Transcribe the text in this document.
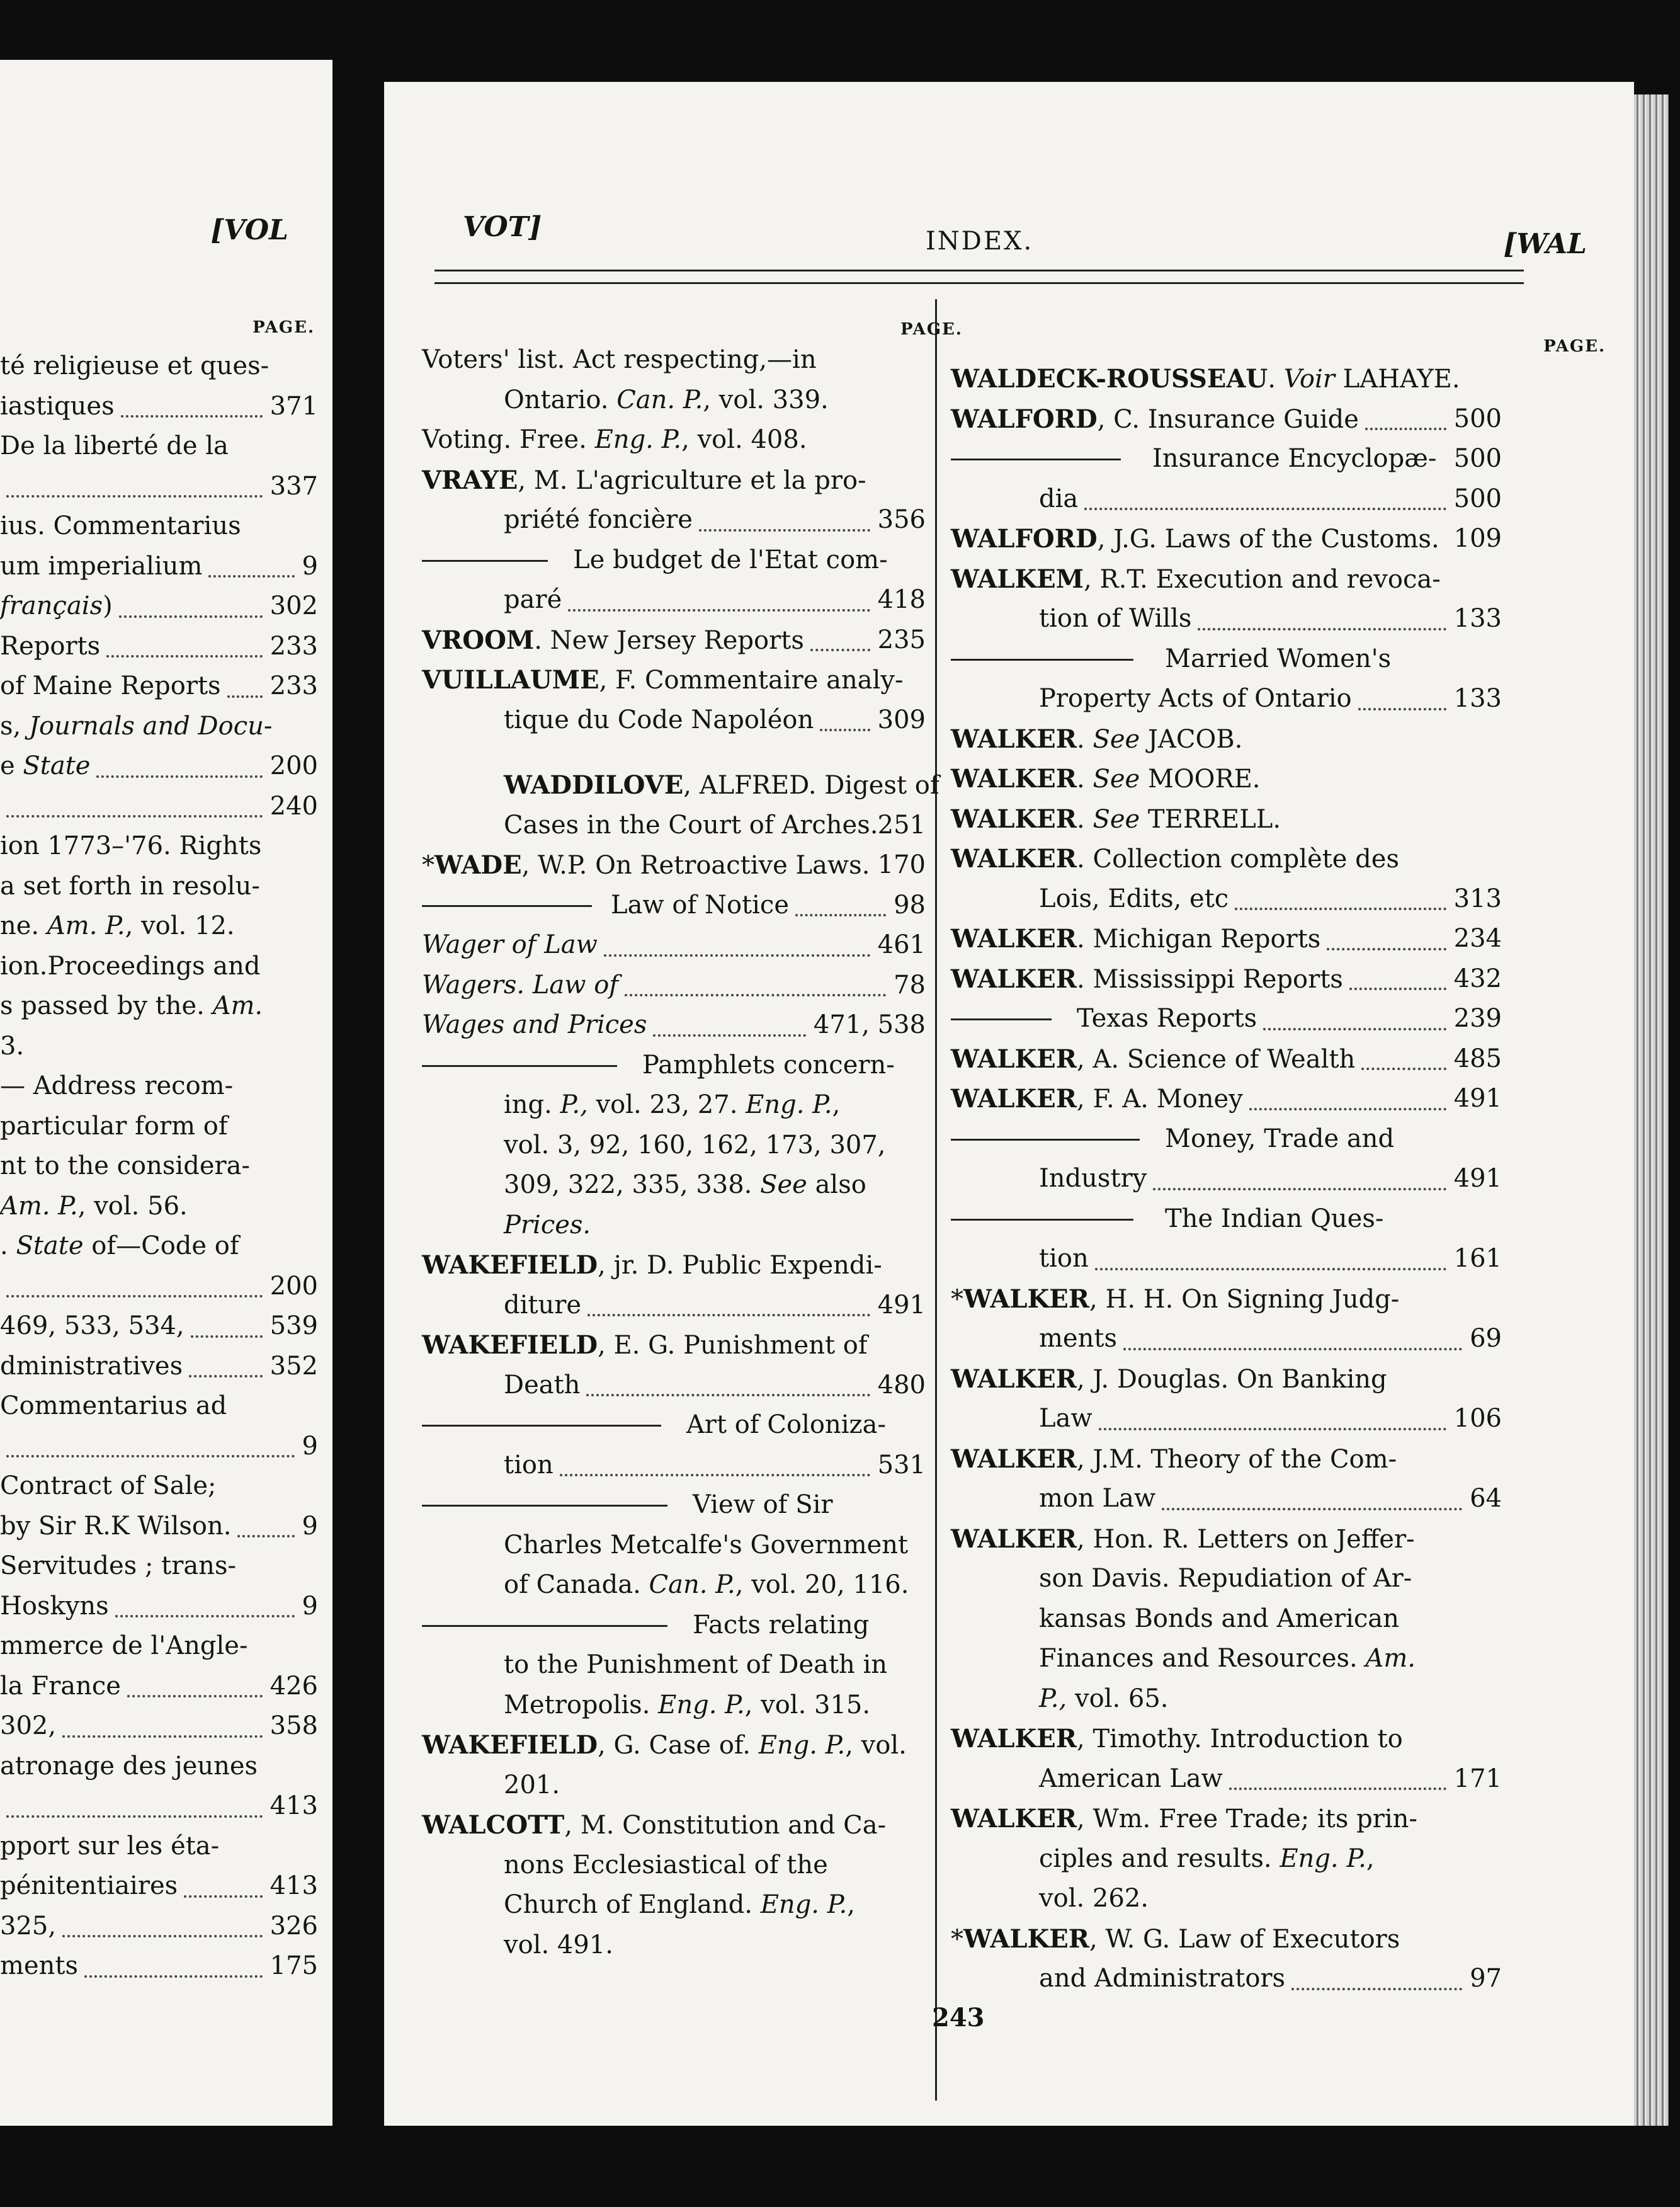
[VOL
PAGE.
té religieuse et ques-
iastiques	371
De la liberté de la
337
ius. Commentarius
um imperialium	9
français)	302
Reports	233
of Maine Reports 233
s, Journals and Docu-
e State	200
240
ion 1773–'76. Rights
a set forth in resolu-
ne. Am. P., vol. 12.
ion.Proceedings and
s passed by the. Am.
3.
— Address recom-
particular form of
nt to the considera-
Am. P., vol. 56.
. State of—Code of
200
469, 533, 534,	539
dministratives	352
Commentarius ad
9
Contract of Sale;
by Sir R.K Wilson.	9
Servitudes ; trans-
Hoskyns	9
mmerce de l'Angle-
la France	426
302,	358
atronage des jeunes
413
pport sur les éta-
pénitentiaires	413
325,	326
ments	175
VOT]	INDEX.	[WAL
PAGE.
PAGE.
Voters' list. Act respecting,—in
Ontario. Can. P., vol. 339.
Voting. Free. Eng. P., vol. 408.
VRAYE, M. L'agriculture et la pro-
priété foncière	356
Le budget de l'Etat com-
paré	418
VROOM. New Jersey Reports	235
VUILLAUME, F. Commentaire analy-
tique du Code Napoléon	309
WADDILOVE, ALFRED. Digest of
Cases in the Court of Arches. 251
*WADE, W.P. On Retroactive Laws. 170
Law of Notice	98
Wager of Law	461
Wagers. Law of	78
Wages and Prices	471, 538
Pamphlets concern-
ing. P., vol. 23, 27. Eng. P.,
vol. 3, 92, 160, 162, 173, 307,
309, 322, 335, 338. See also
Prices.
WAKEFIELD, jr. D. Public Expendi-
diture	491
WAKEFIELD, E. G. Punishment of
Death	480
Art of Coloniza-
tion	531
View of Sir
Charles Metcalfe's Government
of Canada. Can. P., vol. 20, 116.
Facts relating
to the Punishment of Death in
Metropolis. Eng. P., vol. 315.
WAKEFIELD, G. Case of. Eng. P., vol.
201.
WALCOTT, M. Constitution and Ca-
nons Ecclesiastical of the
Church of England. Eng. P.,
vol. 491.
WALDECK-ROUSSEAU. Voir LAHAYE.
WALFORD, C. Insurance Guide	500
Insurance Encyclopæ- 500
dia	500
WALFORD, J.G. Laws of the Customs. 109
WALKEM, R.T. Execution and revoca-
tion of Wills	133
Married Women's
Property Acts of Ontario	133
WALKER. See JACOB.
WALKER. See MOORE.
WALKER. See TERRELL.
WALKER. Collection complète des
Lois, Edits, etc	313
WALKER. Michigan Reports	234
WALKER. Mississippi Reports	432
Texas Reports	239
WALKER, A. Science of Wealth	485
WALKER, F. A. Money	491
Money, Trade and
Industry	491
The Indian Ques-
tion	161
*WALKER, H. H. On Signing Judg-
ments	69
WALKER, J. Douglas. On Banking
Law	106
WALKER, J.M. Theory of the Com-
mon Law	64
WALKER, Hon. R. Letters on Jeffer-
son Davis. Repudiation of Ar-
kansas Bonds and American
Finances and Resources. Am.
P., vol. 65.
WALKER, Timothy. Introduction to
American Law	171
WALKER, Wm. Free Trade; its prin-
ciples and results. Eng. P.,
vol. 262.
*WALKER, W. G. Law of Executors
and Administrators	97
243
